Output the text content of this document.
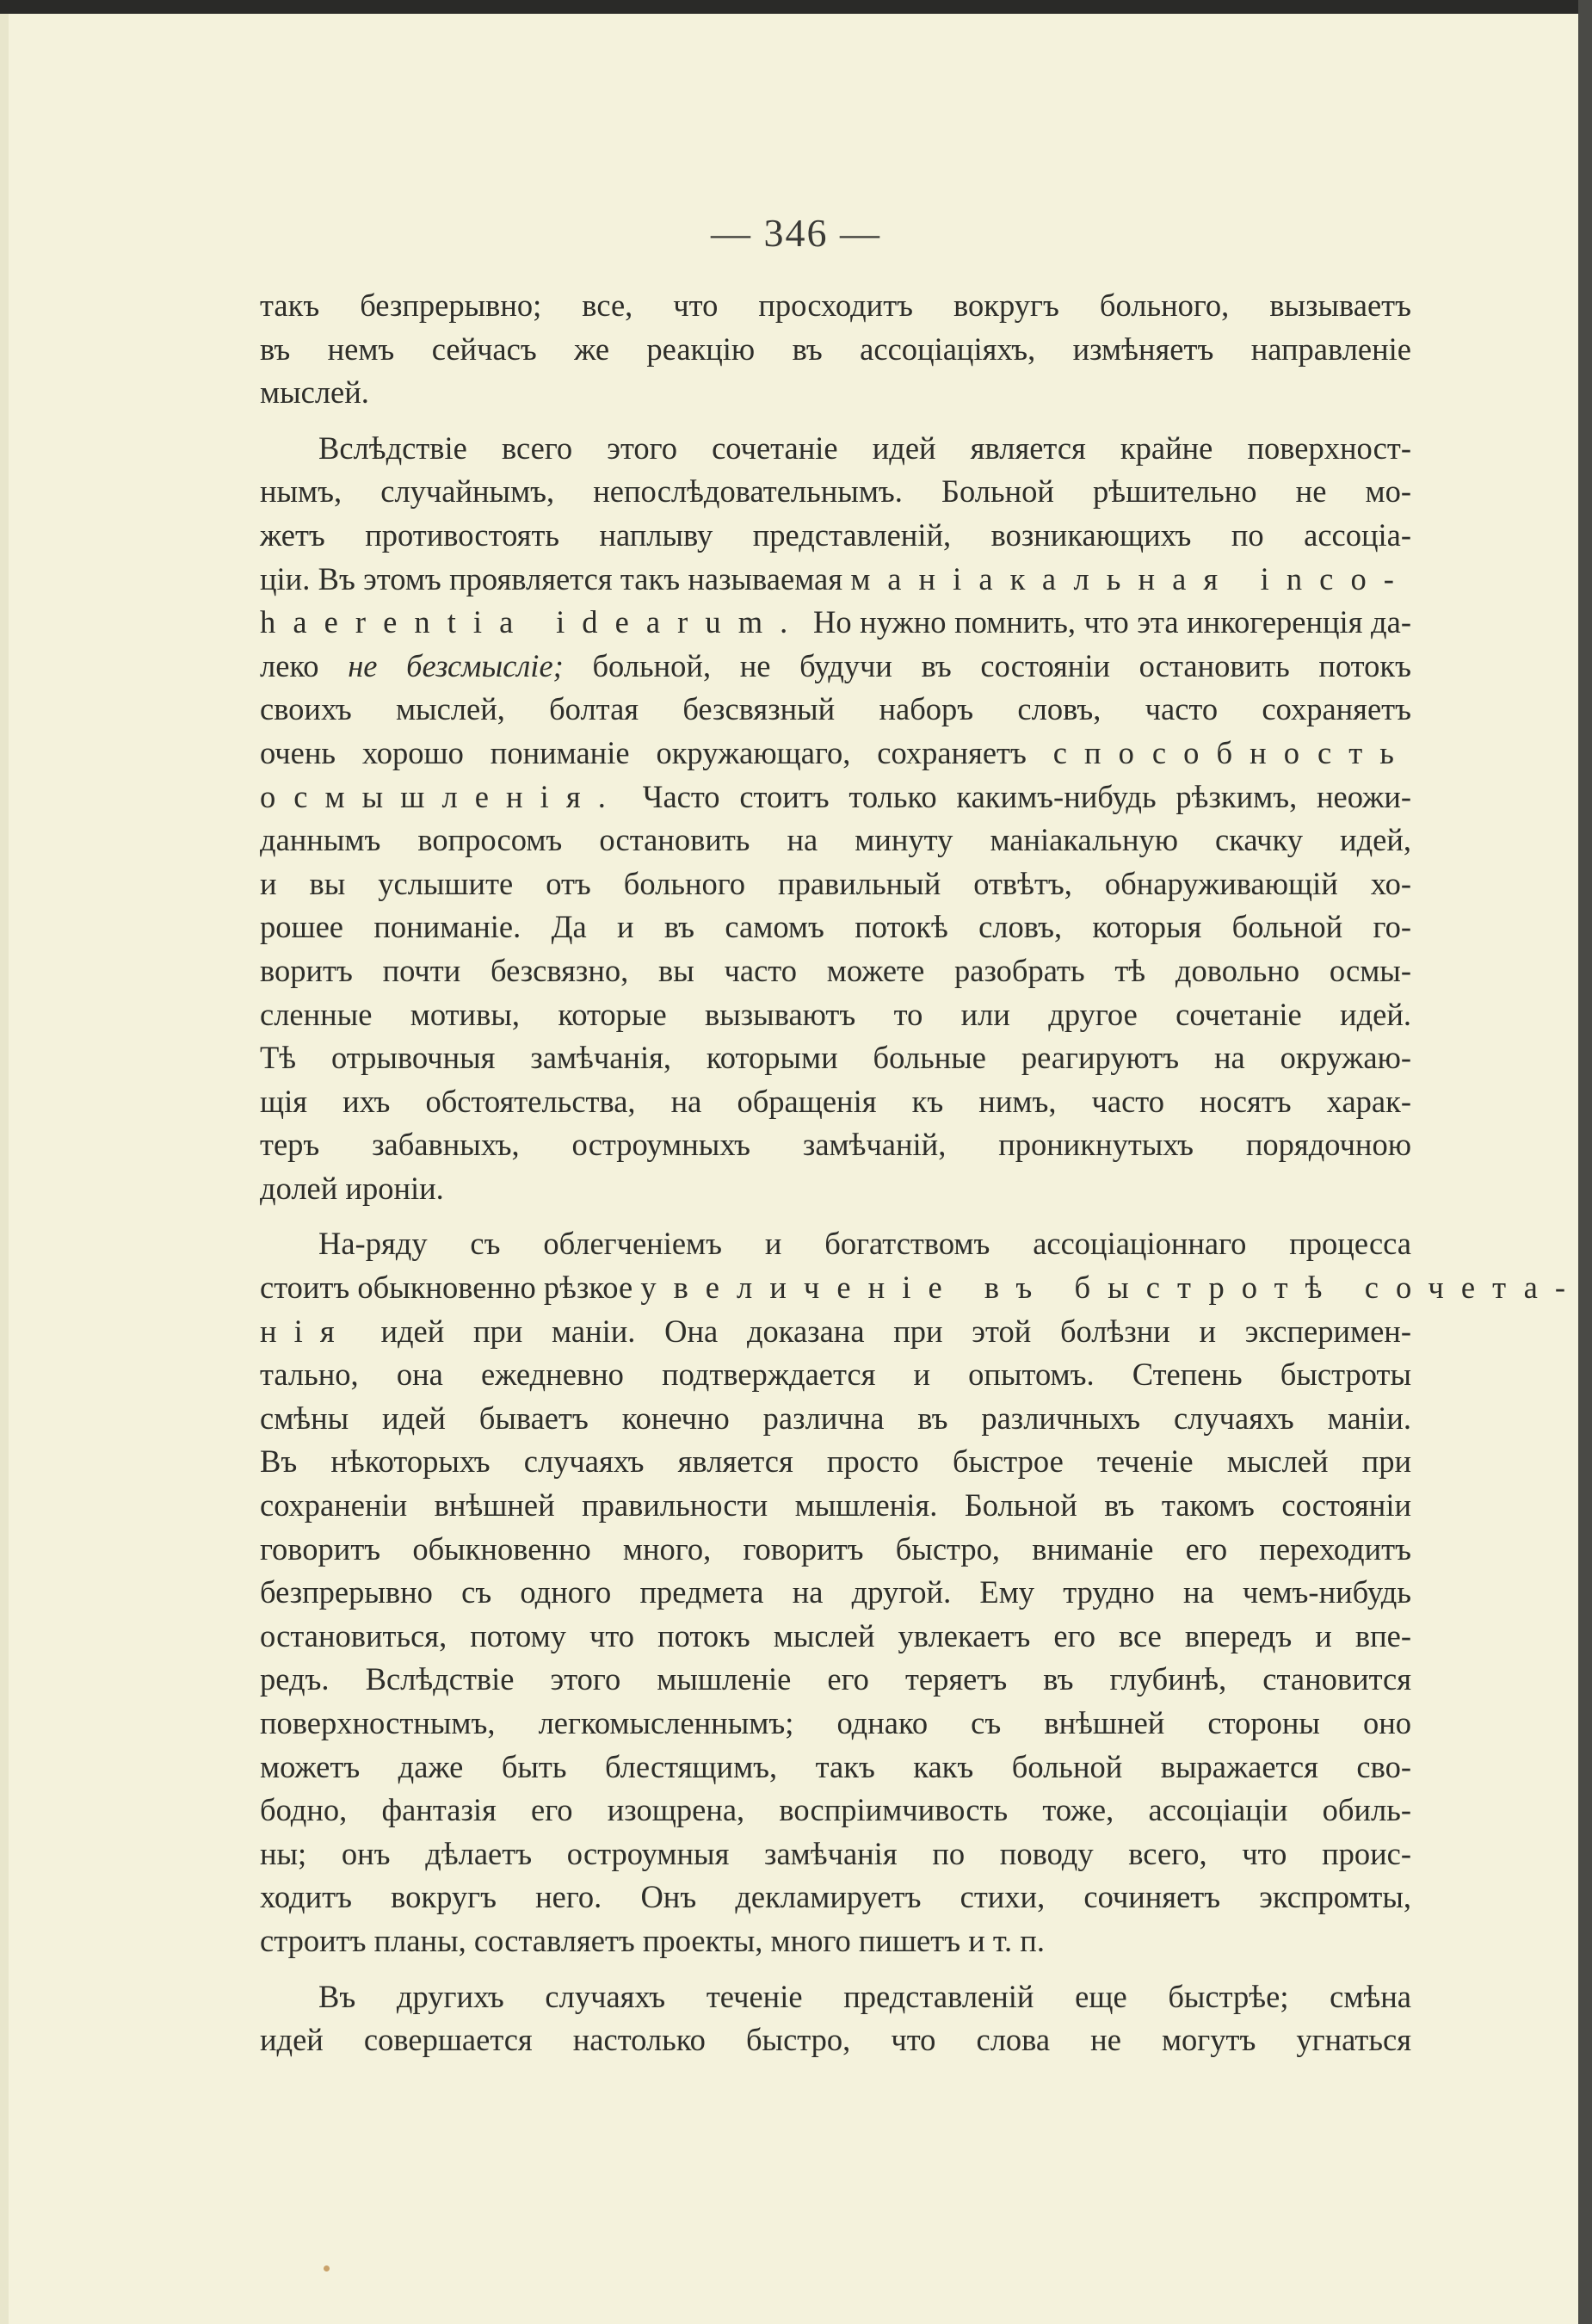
— 346 —
такъ безпрерывно; все, что просходитъ вокругъ больного, вызываетъ
въ немъ сейчасъ же реакцію въ ассоціаціяхъ, измѣняетъ направленіе
мыслей.
Вслѣдствіе всего этого сочетаніе идей является крайне поверхност-
нымъ, случайнымъ, непослѣдовательнымъ. Больной рѣшительно не мо-
жетъ противостоять наплыву представленій, возникающихъ по ассоціа-
ціи. Въ этомъ проявляется такъ называемая маніакальная inco-
haerentia idearum. Но нужно помнить, что эта инкогеренція да-
леко не безсмысліе; больной, не будучи въ состояніи остановить потокъ
своихъ мыслей, болтая безсвязный наборъ словъ, часто сохраняетъ
очень хорошо пониманіе окружающаго, сохраняетъ способность
осмышленія. Часто стоитъ только какимъ-нибудь рѣзкимъ, неожи-
даннымъ вопросомъ остановить на минуту маніакальную скачку идей,
и вы услышите отъ больного правильный отвѣтъ, обнаруживающій хо-
рошее пониманіе. Да и въ самомъ потокѣ словъ, которыя больной го-
воритъ почти безсвязно, вы часто можете разобрать тѣ довольно осмы-
сленные мотивы, которые вызываютъ то или другое сочетаніе идей.
Тѣ отрывочныя замѣчанія, которыми больные реагируютъ на окружаю-
щія ихъ обстоятельства, на обращенія къ нимъ, часто носятъ харак-
теръ забавныхъ, остроумныхъ замѣчаній, проникнутыхъ порядочною
долей ироніи.
На-ряду съ облегченіемъ и богатствомъ ассоціаціоннаго процесса
стоитъ обыкновенно рѣзкое увеличеніе въ быстротѣ сочета-
нія идей при маніи. Она доказана при этой болѣзни и эксперимен-
тально, она ежедневно подтверждается и опытомъ. Степень быстроты
смѣны идей бываетъ конечно различна въ различныхъ случаяхъ маніи.
Въ нѣкоторыхъ случаяхъ является просто быстрое теченіе мыслей при
сохраненіи внѣшней правильности мышленія. Больной въ такомъ состояніи
говоритъ обыкновенно много, говоритъ быстро, вниманіе его переходитъ
безпрерывно съ одного предмета на другой. Ему трудно на чемъ-нибудь
остановиться, потому что потокъ мыслей увлекаетъ его все впередъ и впе-
редъ. Вслѣдствіе этого мышленіе его теряетъ въ глубинѣ, становится
поверхностнымъ, легкомысленнымъ; однако съ внѣшней стороны оно
можетъ даже быть блестящимъ, такъ какъ больной выражается сво-
бодно, фантазія его изощрена, воспріимчивость тоже, ассоціаціи обиль-
ны; онъ дѣлаетъ остроумныя замѣчанія по поводу всего, что проис-
ходитъ вокругъ него. Онъ декламируетъ стихи, сочиняетъ экспромты,
строитъ планы, составляетъ проекты, много пишетъ и т. п.
Въ другихъ случаяхъ теченіе представленій еще быстрѣе; смѣна
идей совершается настолько быстро, что слова не могутъ угнаться
